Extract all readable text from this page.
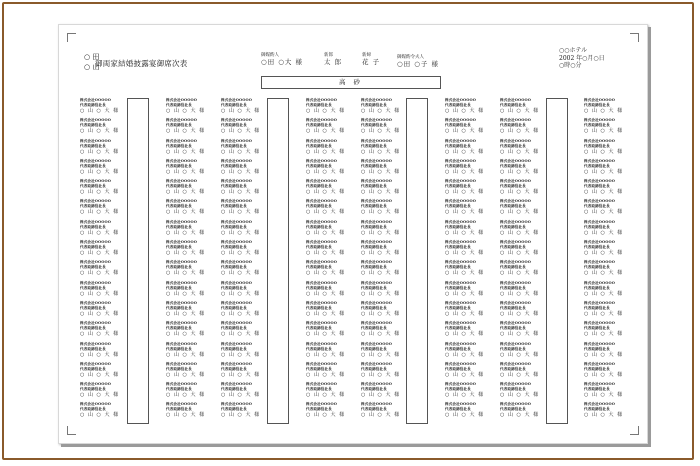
○ 田
○ 山
御両家結婚披露宴御席次表
御媒酌人
○田 ○大 様
新郎
太 郎
新婦
花 子
御媒酌令夫人
○田 ○子 様
○○ホテル
2002 年○月○日
○時○分
高 砂
株式会社OOOOO
代表取締役社長
○ 山 ○ 大 様
株式会社OOOOO
代表取締役社長
○ 山 ○ 大 様
株式会社OOOOO
代表取締役社長
○ 山 ○ 大 様
株式会社OOOOO
代表取締役社長
○ 山 ○ 大 様
株式会社OOOOO
代表取締役社長
○ 山 ○ 大 様
株式会社OOOOO
代表取締役社長
○ 山 ○ 大 様
株式会社OOOOO
代表取締役社長
○ 山 ○ 大 様
株式会社OOOOO
代表取締役社長
○ 山 ○ 大 様
株式会社OOOOO
代表取締役社長
○ 山 ○ 大 様
株式会社OOOOO
代表取締役社長
○ 山 ○ 大 様
株式会社OOOOO
代表取締役社長
○ 山 ○ 大 様
株式会社OOOOO
代表取締役社長
○ 山 ○ 大 様
株式会社OOOOO
代表取締役社長
○ 山 ○ 大 様
株式会社OOOOO
代表取締役社長
○ 山 ○ 大 様
株式会社OOOOO
代表取締役社長
○ 山 ○ 大 様
株式会社OOOOO
代表取締役社長
○ 山 ○ 大 様
株式会社OOOOO
代表取締役社長
○ 山 ○ 大 様
株式会社OOOOO
代表取締役社長
○ 山 ○ 大 様
株式会社OOOOO
代表取締役社長
○ 山 ○ 大 様
株式会社OOOOO
代表取締役社長
○ 山 ○ 大 様
株式会社OOOOO
代表取締役社長
○ 山 ○ 大 様
株式会社OOOOO
代表取締役社長
○ 山 ○ 大 様
株式会社OOOOO
代表取締役社長
○ 山 ○ 大 様
株式会社OOOOO
代表取締役社長
○ 山 ○ 大 様
株式会社OOOOO
代表取締役社長
○ 山 ○ 大 様
株式会社OOOOO
代表取締役社長
○ 山 ○ 大 様
株式会社OOOOO
代表取締役社長
○ 山 ○ 大 様
株式会社OOOOO
代表取締役社長
○ 山 ○ 大 様
株式会社OOOOO
代表取締役社長
○ 山 ○ 大 様
株式会社OOOOO
代表取締役社長
○ 山 ○ 大 様
株式会社OOOOO
代表取締役社長
○ 山 ○ 大 様
株式会社OOOOO
代表取締役社長
○ 山 ○ 大 様
株式会社OOOOO
代表取締役社長
○ 山 ○ 大 様
株式会社OOOOO
代表取締役社長
○ 山 ○ 大 様
株式会社OOOOO
代表取締役社長
○ 山 ○ 大 様
株式会社OOOOO
代表取締役社長
○ 山 ○ 大 様
株式会社OOOOO
代表取締役社長
○ 山 ○ 大 様
株式会社OOOOO
代表取締役社長
○ 山 ○ 大 様
株式会社OOOOO
代表取締役社長
○ 山 ○ 大 様
株式会社OOOOO
代表取締役社長
○ 山 ○ 大 様
株式会社OOOOO
代表取締役社長
○ 山 ○ 大 様
株式会社OOOOO
代表取締役社長
○ 山 ○ 大 様
株式会社OOOOO
代表取締役社長
○ 山 ○ 大 様
株式会社OOOOO
代表取締役社長
○ 山 ○ 大 様
株式会社OOOOO
代表取締役社長
○ 山 ○ 大 様
株式会社OOOOO
代表取締役社長
○ 山 ○ 大 様
株式会社OOOOO
代表取締役社長
○ 山 ○ 大 様
株式会社OOOOO
代表取締役社長
○ 山 ○ 大 様
株式会社OOOOO
代表取締役社長
○ 山 ○ 大 様
株式会社OOOOO
代表取締役社長
○ 山 ○ 大 様
株式会社OOOOO
代表取締役社長
○ 山 ○ 大 様
株式会社OOOOO
代表取締役社長
○ 山 ○ 大 様
株式会社OOOOO
代表取締役社長
○ 山 ○ 大 様
株式会社OOOOO
代表取締役社長
○ 山 ○ 大 様
株式会社OOOOO
代表取締役社長
○ 山 ○ 大 様
株式会社OOOOO
代表取締役社長
○ 山 ○ 大 様
株式会社OOOOO
代表取締役社長
○ 山 ○ 大 様
株式会社OOOOO
代表取締役社長
○ 山 ○ 大 様
株式会社OOOOO
代表取締役社長
○ 山 ○ 大 様
株式会社OOOOO
代表取締役社長
○ 山 ○ 大 様
株式会社OOOOO
代表取締役社長
○ 山 ○ 大 様
株式会社OOOOO
代表取締役社長
○ 山 ○ 大 様
株式会社OOOOO
代表取締役社長
○ 山 ○ 大 様
株式会社OOOOO
代表取締役社長
○ 山 ○ 大 様
株式会社OOOOO
代表取締役社長
○ 山 ○ 大 様
株式会社OOOOO
代表取締役社長
○ 山 ○ 大 様
株式会社OOOOO
代表取締役社長
○ 山 ○ 大 様
株式会社OOOOO
代表取締役社長
○ 山 ○ 大 様
株式会社OOOOO
代表取締役社長
○ 山 ○ 大 様
株式会社OOOOO
代表取締役社長
○ 山 ○ 大 様
株式会社OOOOO
代表取締役社長
○ 山 ○ 大 様
株式会社OOOOO
代表取締役社長
○ 山 ○ 大 様
株式会社OOOOO
代表取締役社長
○ 山 ○ 大 様
株式会社OOOOO
代表取締役社長
○ 山 ○ 大 様
株式会社OOOOO
代表取締役社長
○ 山 ○ 大 様
株式会社OOOOO
代表取締役社長
○ 山 ○ 大 様
株式会社OOOOO
代表取締役社長
○ 山 ○ 大 様
株式会社OOOOO
代表取締役社長
○ 山 ○ 大 様
株式会社OOOOO
代表取締役社長
○ 山 ○ 大 様
株式会社OOOOO
代表取締役社長
○ 山 ○ 大 様
株式会社OOOOO
代表取締役社長
○ 山 ○ 大 様
株式会社OOOOO
代表取締役社長
○ 山 ○ 大 様
株式会社OOOOO
代表取締役社長
○ 山 ○ 大 様
株式会社OOOOO
代表取締役社長
○ 山 ○ 大 様
株式会社OOOOO
代表取締役社長
○ 山 ○ 大 様
株式会社OOOOO
代表取締役社長
○ 山 ○ 大 様
株式会社OOOOO
代表取締役社長
○ 山 ○ 大 様
株式会社OOOOO
代表取締役社長
○ 山 ○ 大 様
株式会社OOOOO
代表取締役社長
○ 山 ○ 大 様
株式会社OOOOO
代表取締役社長
○ 山 ○ 大 様
株式会社OOOOO
代表取締役社長
○ 山 ○ 大 様
株式会社OOOOO
代表取締役社長
○ 山 ○ 大 様
株式会社OOOOO
代表取締役社長
○ 山 ○ 大 様
株式会社OOOOO
代表取締役社長
○ 山 ○ 大 様
株式会社OOOOO
代表取締役社長
○ 山 ○ 大 様
株式会社OOOOO
代表取締役社長
○ 山 ○ 大 様
株式会社OOOOO
代表取締役社長
○ 山 ○ 大 様
株式会社OOOOO
代表取締役社長
○ 山 ○ 大 様
株式会社OOOOO
代表取締役社長
○ 山 ○ 大 様
株式会社OOOOO
代表取締役社長
○ 山 ○ 大 様
株式会社OOOOO
代表取締役社長
○ 山 ○ 大 様
株式会社OOOOO
代表取締役社長
○ 山 ○ 大 様
株式会社OOOOO
代表取締役社長
○ 山 ○ 大 様
株式会社OOOOO
代表取締役社長
○ 山 ○ 大 様
株式会社OOOOO
代表取締役社長
○ 山 ○ 大 様
株式会社OOOOO
代表取締役社長
○ 山 ○ 大 様
株式会社OOOOO
代表取締役社長
○ 山 ○ 大 様
株式会社OOOOO
代表取締役社長
○ 山 ○ 大 様
株式会社OOOOO
代表取締役社長
○ 山 ○ 大 様
株式会社OOOOO
代表取締役社長
○ 山 ○ 大 様
株式会社OOOOO
代表取締役社長
○ 山 ○ 大 様
株式会社OOOOO
代表取締役社長
○ 山 ○ 大 様
株式会社OOOOO
代表取締役社長
○ 山 ○ 大 様
株式会社OOOOO
代表取締役社長
○ 山 ○ 大 様
株式会社OOOOO
代表取締役社長
○ 山 ○ 大 様
株式会社OOOOO
代表取締役社長
○ 山 ○ 大 様
株式会社OOOOO
代表取締役社長
○ 山 ○ 大 様
株式会社OOOOO
代表取締役社長
○ 山 ○ 大 様
株式会社OOOOO
代表取締役社長
○ 山 ○ 大 様
株式会社OOOOO
代表取締役社長
○ 山 ○ 大 様
株式会社OOOOO
代表取締役社長
○ 山 ○ 大 様
株式会社OOOOO
代表取締役社長
○ 山 ○ 大 様
株式会社OOOOO
代表取締役社長
○ 山 ○ 大 様
株式会社OOOOO
代表取締役社長
○ 山 ○ 大 様
株式会社OOOOO
代表取締役社長
○ 山 ○ 大 様
株式会社OOOOO
代表取締役社長
○ 山 ○ 大 様
株式会社OOOOO
代表取締役社長
○ 山 ○ 大 様
株式会社OOOOO
代表取締役社長
○ 山 ○ 大 様
